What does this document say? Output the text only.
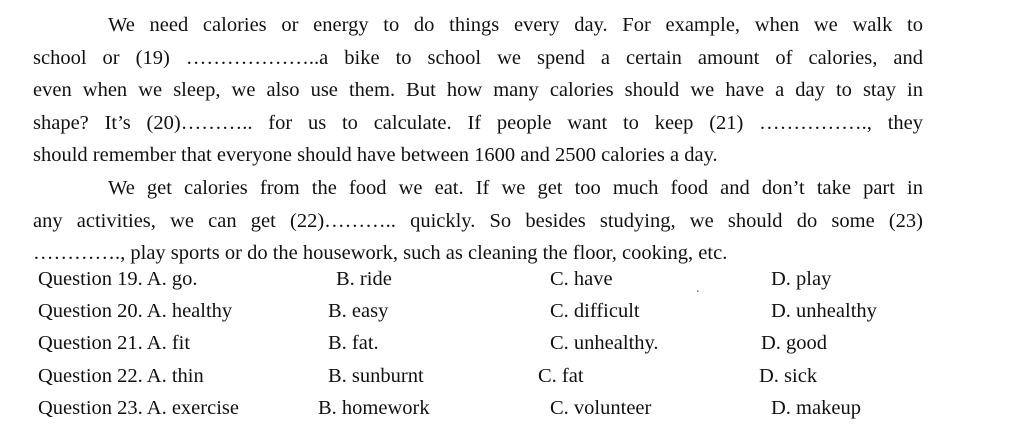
We need calories or energy to do things every day. For example, when we walk to
school or (19) ………………..a bike to school we spend a certain amount of calories, and
even when we sleep, we also use them. But how many calories should we have a day to stay in
shape? It’s (20)……….. for us to calculate. If people want to keep (21) ……………., they
should remember that everyone should have between 1600 and 2500 calories a day.
We get calories from the food we eat. If we get too much food and don’t take part in
any activities, we can get (22)……….. quickly. So besides studying, we should do some (23)
…………., play sports or do the housework, such as cleaning the floor, cooking, etc.
.
Question 19. A. go.	B. ride	C. have	D. play
Question 20. A. healthy	B. easy	C. difficult	D. unhealthy
Question 21. A. fit	B. fat.	C. unhealthy.	D. good
Question 22. A. thin	B. sunburnt	C. fat	D. sick
Question 23. A. exercise	B. homework	C. volunteer	D. makeup
